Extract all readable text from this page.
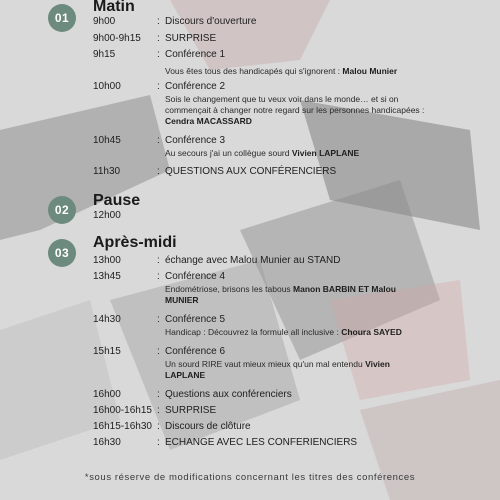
01
Matin
9h00	: Discours d'ouverture
9h00-9h15 : SURPRISE
9h15	: Conférence 1
Vous êtes tous des handicapés qui s'ignorent : Malou Munier
10h00	: Conférence 2
Sois le changement que tu veux voir dans le monde… et si on commençait à changer notre regard sur les personnes handicapées : Cendra MACASSARD
10h45	: Conférence 3
Au secours j'ai un collègue sourd Vivien LAPLANE
11h30	: QUESTIONS AUX CONFÉRENCIERS
02
Pause
12h00
03
Après-midi
13h00	: échange avec Malou Munier au STAND
13h45	: Conférence 4
Endométriose, brisons les tabous Manon BARBIN ET Malou MUNIER
14h30	: Conférence 5
Handicap : Découvrez la formule all inclusive : Choura SAYED
15h15	: Conférence 6
Un sourd RIRE vaut mieux mieux qu'un mal entendu Vivien LAPLANE
16h00	: Questions aux conférenciers
16h00-16h15 : SURPRISE
16h15-16h30 : Discours de clôture
16h30	: ECHANGE AVEC LES CONFERIENCIERS
*sous réserve de modifications concernant les titres des conférences
